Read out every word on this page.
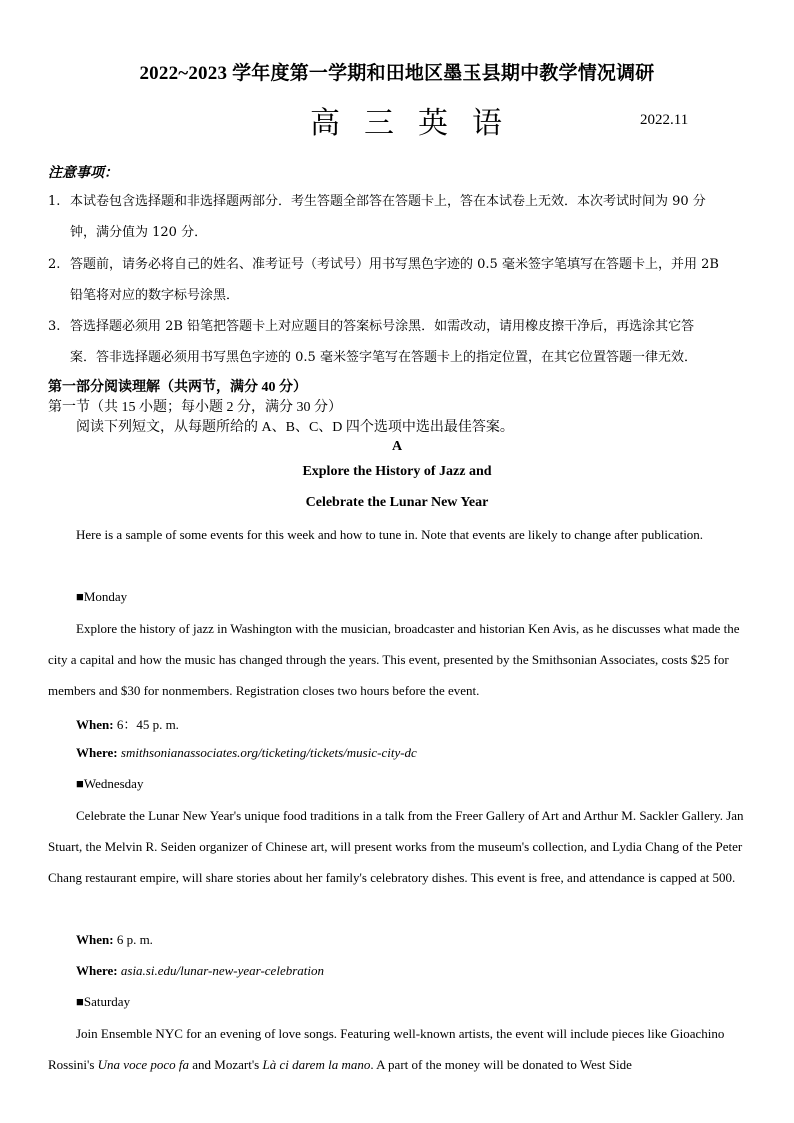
2022~2023 学年度第一学期和田地区墨玉县期中教学情况调研
高三英语	2022.11
注意事项：
1. 本试卷包含选择题和非选择题两部分．考生答题全部答在答题卡上，答在本试卷上无效．本次考试时间为 90 分
钟，满分值为 120 分．
2. 答题前，请务必将自己的姓名、准考证号（考试号）用书写黑色字迹的 0.5 毫米签字笔填写在答题卡上，并用 2B
铅笔将对应的数字标号涂黑．
3. 答选择题必须用 2B 铅笔把答题卡上对应题目的答案标号涂黑．如需改动，请用橡皮擦干净后，再选涂其它答
案．答非选择题必须用书写黑色字迹的 0.5 毫米签字笔写在答题卡上的指定位置，在其它位置答题一律无效．
第一部分阅读理解（共两节，满分 40 分）
第一节（共 15 小题；每小题 2 分，满分 30 分）
阅读下列短文，从每题所给的 A、B、C、D 四个选项中选出最佳答案。
A
Explore the History of Jazz and
Celebrate the Lunar New Year
Here is a sample of some events for this week and how to tune in. Note that events are likely to change after publication.
■Monday
Explore the history of jazz in Washington with the musician, broadcaster and historian Ken Avis, as he discusses what made the city a capital and how the music has changed through the years. This event, presented by the Smithsonian Associates, costs $25 for members and $30 for nonmembers. Registration closes two hours before the event.
When: 6：45 p. m.
Where: smithsonianassociates.org/ticketing/tickets/music-city-dc
■Wednesday
Celebrate the Lunar New Year's unique food traditions in a talk from the Freer Gallery of Art and Arthur M. Sackler Gallery. Jan Stuart, the Melvin R. Seiden organizer of Chinese art, will present works from the museum's collection, and Lydia Chang of the Peter Chang restaurant empire, will share stories about her family's celebratory dishes. This event is free, and attendance is capped at 500.
When: 6 p. m.
Where: asia.si.edu/lunar-new-year-celebration
■Saturday
Join Ensemble NYC for an evening of love songs. Featuring well-known artists, the event will include pieces like Gioachino Rossini's Una voce poco fa and Mozart's Là ci darem la mano. A part of the money will be donated to West Side
